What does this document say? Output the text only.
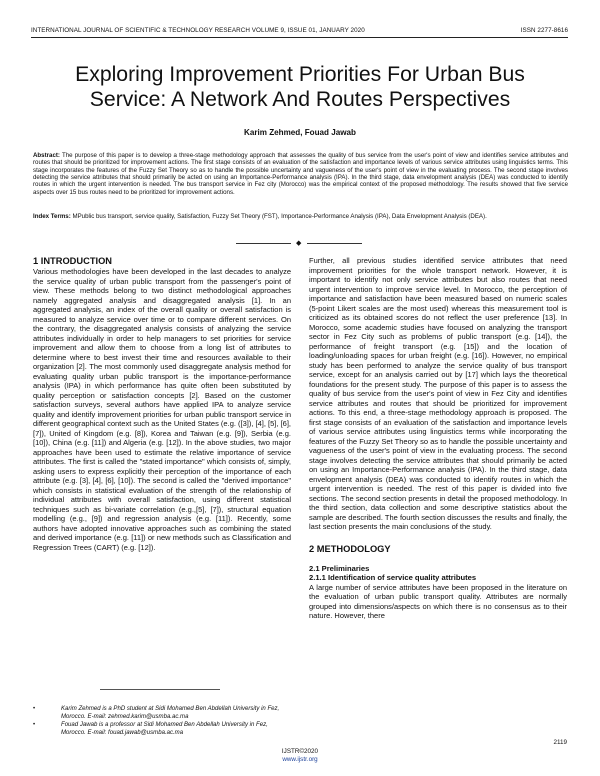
INTERNATIONAL JOURNAL OF SCIENTIFIC & TECHNOLOGY RESEARCH VOLUME 9, ISSUE 01, JANUARY 2020	ISSN 2277-8616
Exploring Improvement Priorities For Urban Bus
Service: A Network And Routes Perspectives
Karim Zehmed, Fouad Jawab

Abstract: The purpose of this paper is to develop a three-stage methodology approach that assesses the quality of bus service from the user's point of view and identifies service attributes and routes that should be prioritized for improvement actions. The first stage consists of an evaluation of the satisfaction and importance levels of various service attributes using linguistics terms. This stage incorporates the features of the Fuzzy Set Theory so as to handle the possible uncertainty and vagueness of the user's point of view in the evaluating process. The second stage involves detecting the service attributes that should primarily be acted on using an Importance-Performance analysis (IPA). In the third stage, data envelopment analysis (DEA) was conducted to identify routes in which the urgent intervention is needed. The bus transport service in Fez city (Morocco) was the empirical context of the proposed methodology. The results showed that five service aspects over 15 bus routes need to be prioritized for improvement actions.

Index Terms: MPublic bus transport, service quality, Satisfaction, Fuzzy Set Theory (FST), Importance-Performance Analysis (IPA), Data Envelopment Analysis (DEA).

◆

1 INTRODUCTION

Various methodologies have been developed in the last decades to analyze the service quality of urban public transport from the passenger's point of view. These methods belong to two distinct methodological approaches namely aggregated analysis and disaggregated analysis [1]. In an aggregated analysis, an index of the overall quality or overall satisfaction is measured to analyze service over time or to compare different services. On the contrary, the disaggregated analysis consists of analyzing the service attributes individually in order to help managers to set priorities for service improvement and allow them to choose from a long list of attributes to determine where to best invest their time and resources available to their organization [2]. The most commonly used disaggregate analysis method for evaluating quality urban public transport is the importance-performance analysis (IPA) in which performance has quite often been substituted by quality perception or satisfaction concepts [2]. Based on the customer satisfaction surveys, several authors have applied IPA to analyze service quality and identify improvement priorities for urban public transport service in different geographical context such as the United States (e.g. ([3]), [4], [5], [6], [7]), United of Kingdom (e.g. [8]), Korea and Taiwan (e.g. [9]), Serbia (e.g. [10]), China (e.g. [11]) and Algeria (e.g. [12]). In the above studies, two major approaches have been used to estimate the relative importance of service attributes. The first is called the "stated importance" which consists of, simply, asking users to express explicitly their perception of the importance of each attribute (e.g. [3], [4], [6], [10]). The second is called the "derived importance" which consists in statistical evaluation of the strength of the relationship of individual attributes with overall satisfaction, using different statistical techniques such as bi-variate correlation (e.g.,[5], [7]), structural equation modelling (e.g., [9]) and regression analysis (e.g. [11]). Recently, some authors have adopted innovative approaches such as combining the stated and derived importance (e.g. [11]) or new methods such as Classification and Regression Trees (CART) (e.g. [12]).

Further, all previous studies identified service attributes that need improvement priorities for the whole transport network. However, it is important to identify not only service attributes but also routes that need urgent intervention to improve service level. In Morocco, the perception of importance and satisfaction have been measured based on numeric scales (5-point Likert scales are the most used) whereas this measurement tool is criticized as its obtained scores do not reflect the user preference [13]. In Morocco, some academic studies have focused on analyzing the transport sector in Fez City such as problems of public transport (e.g. [14]), the performance of freight transport (e.g. [15]) and the location of loading/unloading spaces for urban freight (e.g. [16]). However, no empirical study has been performed to analyze the service quality of bus transport service, except for an analysis carried out by [17] which lays the theoretical foundations for the present study. The purpose of this paper is to assess the quality of bus service from the user's point of view in Fez City and identifies service attributes and routes that should be prioritized for improvement actions. To this end, a three-stage methodology approach is proposed. The first stage consists of an evaluation of the satisfaction and importance levels of various service attributes using linguistics terms while incorporating the features of the Fuzzy Set Theory so as to handle the possible uncertainty and vagueness of the user's point of view in the evaluating process. The second stage involves detecting the service attributes that should primarily be acted on using an Importance-Performance analysis (IPA). In the third stage, data envelopment analysis (DEA) was conducted to identify routes in which the urgent intervention is needed. The rest of this paper is divided into five sections. The second section presents in detail the proposed methodology. In the third section, data collection and some descriptive statistics about the sample are described. The fourth section discusses the results and finally, the last section presents the main conclusions of the study.

2 METHODOLOGY

2.1 Preliminaries

2.1.1 Identification of service quality attributes

A large number of service attributes have been proposed in the literature on the evaluation of urban public transport quality. Attributes are normally grouped into dimensions/aspects on which there is no consensus as to their nature. However, there

•	Karim Zehmed is a PhD student at Sidi Mohamed Ben Abdellah University in Fez, Morocco. E-mail: zehmed.karim@usmba.ac.ma
•	Fouad Jawab is a professor at Sidi Mohamed Ben Abdellah University in Fez, Morocco. E-mail: fouad.jawab@usmba.ac.ma
2119
IJSTR©2020
www.ijstr.org
